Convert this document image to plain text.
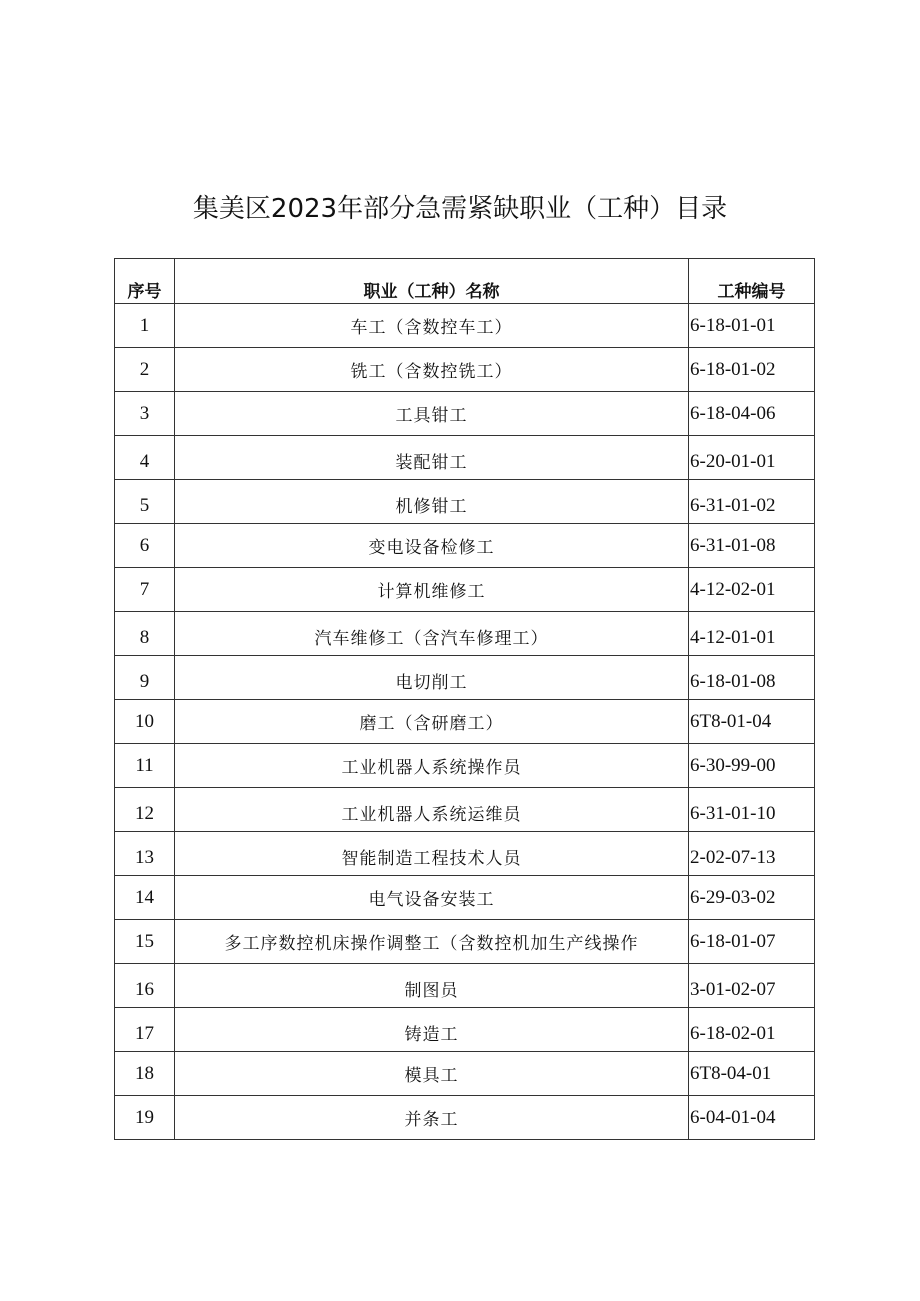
集美区2023年部分急需紧缺职业（工种）目录
序号	职业（工种）名称	工种编号

1	车工（含数控车工）	6-18-01-01

2	铣工（含数控铣工）	6-18-01-02

3	工具钳工	6-18-04-06

4	装配钳工	6-20-01-01

5	机修钳工	6-31-01-02

6	变电设备检修工	6-31-01-08

7	计算机维修工	4-12-02-01

8	汽车维修工（含汽车修理工）	4-12-01-01

9	电切削工	6-18-01-08

10	磨工（含研磨工）	6T8-01-04

11	工业机器人系统操作员	6-30-99-00

12	工业机器人系统运维员	6-31-01-10

13	智能制造工程技术人员	2-02-07-13

14	电气设备安装工	6-29-03-02

15	多工序数控机床操作调整工（含数控机加生产线操作	6-18-01-07

16	制图员	3-01-02-07

17	铸造工	6-18-02-01

18	模具工	6T8-04-01

19	并条工	6-04-01-04
